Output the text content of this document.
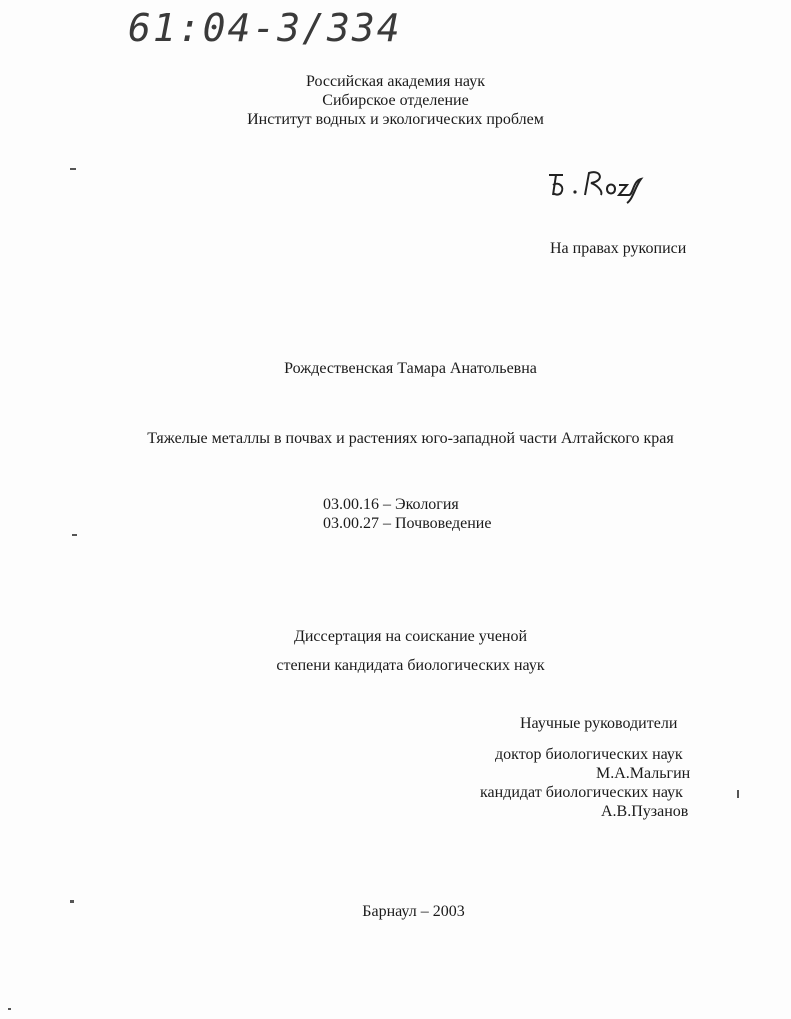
61:04-3/334
Российская академия наук
Сибирское отделение
Институт водных и экологических проблем
На правах рукописи
Рождественская Тамара Анатольевна
Тяжелые металлы в почвах и растениях юго-западной части Алтайского края
03.00.16 – Экология
03.00.27 – Почвоведение
Диссертация на соискание ученой
степени кандидата биологических наук
Научные руководители
доктор биологических наук
М.А.Мальгин
кандидат биологических наук
А.В.Пузанов
Барнаул – 2003
